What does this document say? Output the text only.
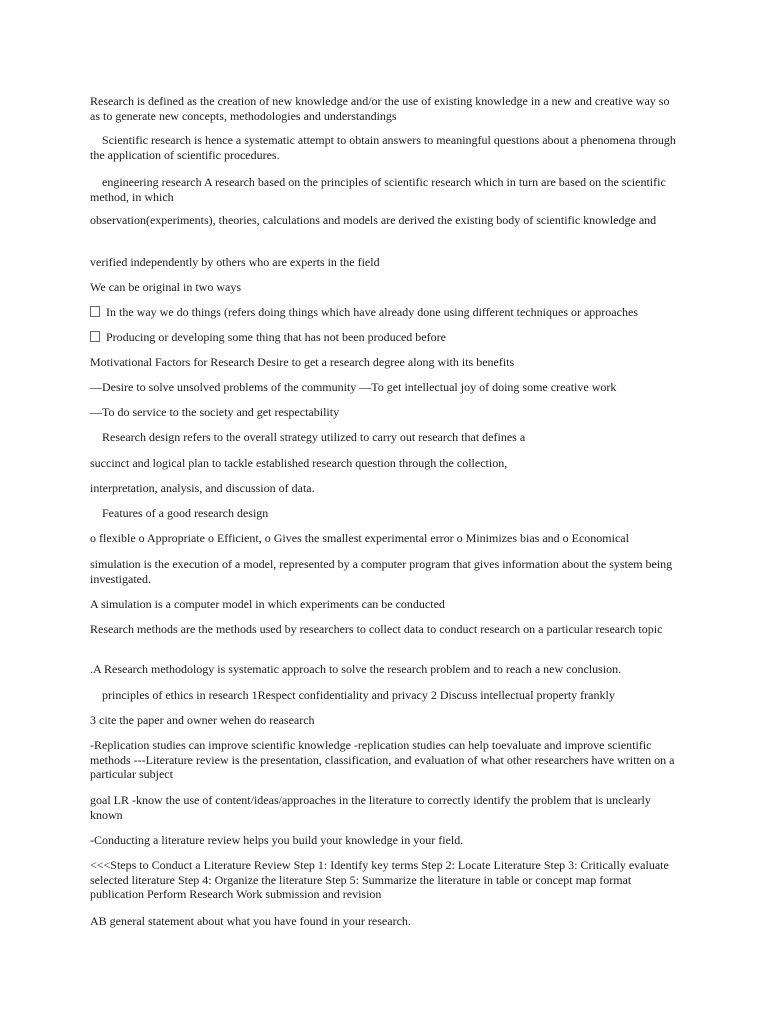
Research is defined as the creation of new knowledge and/or the use of existing knowledge in a new and creative way so as to generate new concepts, methodologies and understandings

Scientific research is hence a systematic attempt to obtain answers to meaningful questions about a phenomena through the application of scientific procedures.

engineering research A research based on the principles of scientific research which in turn are based on the scientific method, in which

observation(experiments), theories, calculations and models are derived the existing body of scientific knowledge and

verified independently by others who are experts in the field

We can be original in two ways

In the way we do things (refers doing things which have already done using different techniques or approaches
Producing or developing some thing that has not been produced before

Motivational Factors for Research Desire to get a research degree along with its benefits

—Desire to solve unsolved problems of the community —To get intellectual joy of doing some creative work

—To do service to the society and get respectability

Research design refers to the overall strategy utilized to carry out research that defines a

succinct and logical plan to tackle established research question through the collection,

interpretation, analysis, and discussion of data.

Features of a good research design

o flexible o Appropriate o Efficient, o Gives the smallest experimental error o Minimizes bias and o Economical

simulation is the execution of a model, represented by a computer program that gives information about the system being investigated.

A simulation is a computer model in which experiments can be conducted

Research methods are the methods used by researchers to collect data to conduct research on a particular research topic

.A Research methodology is systematic approach to solve the research problem and to reach a new conclusion.

principles of ethics in research 1Respect confidentiality and privacy 2 Discuss intellectual property frankly

3 cite the paper and owner wehen do reasearch

-Replication studies can improve scientific knowledge -replication studies can help toevaluate and improve scientific methods ---Literature review is the presentation, classification, and evaluation of what other researchers have written on a particular subject

goal LR -know the use of content/ideas/approaches in the literature to correctly identify the problem that is unclearly known

-Conducting a literature review helps you build your knowledge in your field.

<<<Steps to Conduct a Literature Review Step 1: Identify key terms Step 2: Locate Literature Step 3: Critically evaluate selected literature Step 4: Organize the literature Step 5: Summarize the literature in table or concept map format publication Perform Research Work submission and revision

AB general statement about what you have found in your research.
